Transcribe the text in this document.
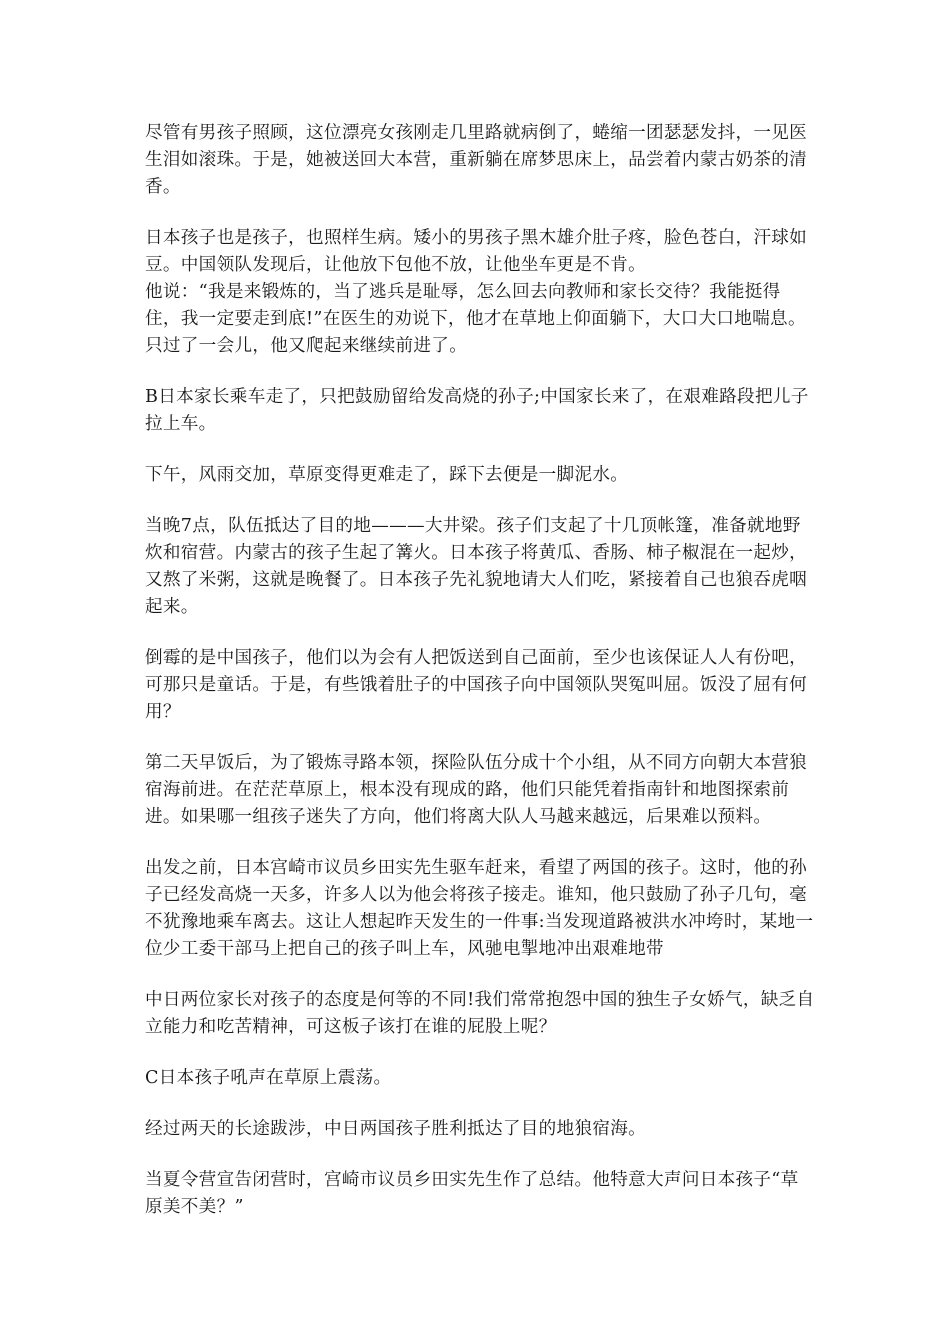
尽管有男孩子照顾，这位漂亮女孩刚走几里路就病倒了，蜷缩一团瑟瑟发抖，一见医生泪如滚珠。于是，她被送回大本营，重新躺在席梦思床上，品尝着内蒙古奶茶的清香。

日本孩子也是孩子，也照样生病。矮小的男孩子黑木雄介肚子疼，脸色苍白，汗球如豆。中国领队发现后，让他放下包他不放，让他坐车更是不肯。

他说：“我是来锻炼的，当了逃兵是耻辱，怎么回去向教师和家长交待？我能挺得住，我一定要走到底!”在医生的劝说下，他才在草地上仰面躺下，大口大口地喘息。只过了一会儿，他又爬起来继续前进了。

B日本家长乘车走了，只把鼓励留给发高烧的孙子;中国家长来了，在艰难路段把儿子拉上车。

下午，风雨交加，草原变得更难走了，踩下去便是一脚泥水。

当晚7点，队伍抵达了目的地———大井梁。孩子们支起了十几顶帐篷，准备就地野炊和宿营。内蒙古的孩子生起了篝火。日本孩子将黄瓜、香肠、柿子椒混在一起炒，又熬了米粥，这就是晚餐了。日本孩子先礼貌地请大人们吃，紧接着自己也狼吞虎咽起来。

倒霉的是中国孩子，他们以为会有人把饭送到自己面前，至少也该保证人人有份吧，可那只是童话。于是，有些饿着肚子的中国孩子向中国领队哭冤叫屈。饭没了屈有何用？

第二天早饭后，为了锻炼寻路本领，探险队伍分成十个小组，从不同方向朝大本营狼宿海前进。在茫茫草原上，根本没有现成的路，他们只能凭着指南针和地图探索前进。如果哪一组孩子迷失了方向，他们将离大队人马越来越远，后果难以预料。

出发之前，日本宫崎市议员乡田实先生驱车赶来，看望了两国的孩子。这时，他的孙子已经发高烧一天多，许多人以为他会将孩子接走。谁知，他只鼓励了孙子几句，毫不犹豫地乘车离去。这让人想起昨天发生的一件事:当发现道路被洪水冲垮时，某地一位少工委干部马上把自己的孩子叫上车，风驰电掣地冲出艰难地带

中日两位家长对孩子的态度是何等的不同!我们常常抱怨中国的独生子女娇气，缺乏自立能力和吃苦精神，可这板子该打在谁的屁股上呢？

C日本孩子吼声在草原上震荡。

经过两天的长途跋涉，中日两国孩子胜利抵达了目的地狼宿海。

当夏令营宣告闭营时，宫崎市议员乡田实先生作了总结。他特意大声问日本孩子“草原美不美？”
